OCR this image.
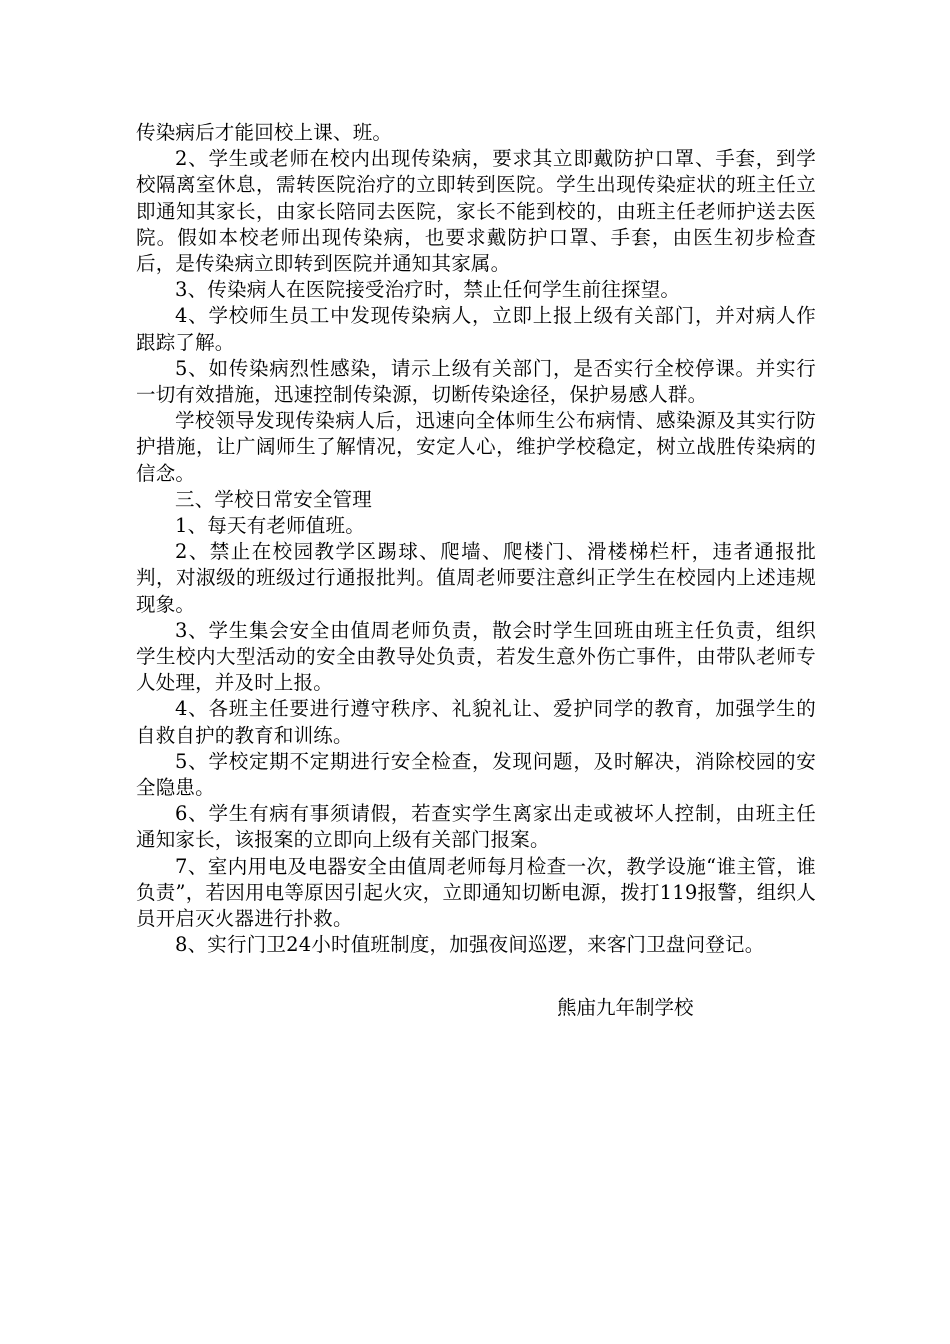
传染病后才能回校上课、班。

2、学生或老师在校内出现传染病，要求其立即戴防护口罩、手套，到学校隔离室休息，需转医院治疗的立即转到医院。学生出现传染症状的班主任立即通知其家长，由家长陪同去医院，家长不能到校的，由班主任老师护送去医院。假如本校老师出现传染病，也要求戴防护口罩、手套，由医生初步检查后，是传染病立即转到医院并通知其家属。

3、传染病人在医院接受治疗时，禁止任何学生前往探望。

4、学校师生员工中发现传染病人，立即上报上级有关部门，并对病人作跟踪了解。

5、如传染病烈性感染，请示上级有关部门，是否实行全校停课。并实行一切有效措施，迅速控制传染源，切断传染途径，保护易感人群。

学校领导发现传染病人后，迅速向全体师生公布病情、感染源及其实行防护措施，让广阔师生了解情况，安定人心，维护学校稳定，树立战胜传染病的信念。

三、学校日常安全管理

1、每天有老师值班。

2、禁止在校园教学区踢球、爬墙、爬楼门、滑楼梯栏杆，违者通报批判，对淑级的班级过行通报批判。值周老师要注意纠正学生在校园内上述违规现象。

3、学生集会安全由值周老师负责，散会时学生回班由班主任负责，组织学生校内大型活动的安全由教导处负责，若发生意外伤亡事件，由带队老师专人处理，并及时上报。

4、各班主任要进行遵守秩序、礼貌礼让、爱护同学的教育，加强学生的自救自护的教育和训练。

5、学校定期不定期进行安全检查，发现问题，及时解决，消除校园的安全隐患。

6、学生有病有事须请假，若查实学生离家出走或被坏人控制，由班主任通知家长，该报案的立即向上级有关部门报案。

7、室内用电及电器安全由值周老师每月检查一次，教学设施“谁主管，谁负责”，若因用电等原因引起火灾，立即通知切断电源，拨打119报警，组织人员开启灭火器进行扑救。

8、实行门卫24小时值班制度，加强夜间巡逻，来客门卫盘问登记。

熊庙九年制学校
